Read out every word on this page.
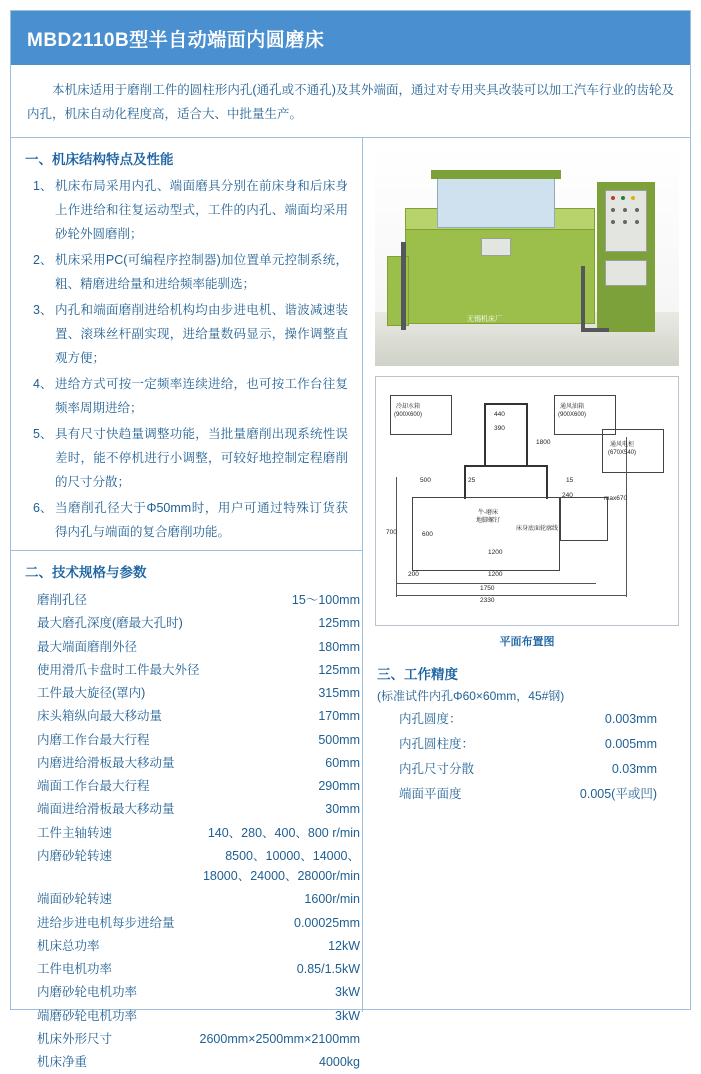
MBD2110B型半自动端面内圆磨床
本机床适用于磨削工件的圆柱形内孔(通孔或不通孔)及其外端面，通过对专用夹具改装可以加工汽车行业的齿轮及内孔，机床自动化程度高，适合大、中批量生产。
一、机床结构特点及性能
1、 机床布局采用内孔、端面磨具分别在前床身和后床身上作进给和往复运动型式，工件的内孔、端面均采用砂轮外圆磨削；
2、 机床采用PC(可编程序控制器)加位置单元控制系统，粗、精磨进给量和进给频率能驯选；
3、 内孔和端面磨削进给机构均由步进电机、谐波减速装置、滚珠丝杆副实现，进给量数码显示，操作调整直观方便；
4、 进给方式可按一定频率连续进给，也可按工作台往复频率周期进给；
5、 具有尺寸快趋量调整功能，当批量磨削出现系统性误差时，能不停机进行小调整，可较好地控制定程磨削的尺寸分散；
6、 当磨削孔径大于Φ50mm时，用户可通过特殊订货获得内孔与端面的复合磨削功能。
二、技术规格与参数
磨削孔径	15～100mm
最大磨孔深度(磨最大孔时)	125mm
最大端面磨削外径	180mm
使用滑爪卡盘时工件最大外径	125mm
工件最大旋径(罩内)	315mm
床头箱纵向最大移动量	170mm
内磨工作台最大行程	500mm
内磨进给滑板最大移动量	60mm
端面工作台最大行程	290mm
端面进给滑板最大移动量	30mm
工件主轴转速	140、280、400、800 r/min
内磨砂轮转速	8500、10000、14000、
18000、24000、28000r/min

端面砂轮转速	1600r/min
进给步进电机每步进给量	0.00025mm
机床总功率	12kW
工件电机功率	0.85/1.5kW
内磨砂轮电机功率	3kW
端磨砂轮电机功率	3kW
机床外形尺寸	2600mm×2500mm×2100mm
机床净重	4000kg
无锡机床厂
冷却水箱
(900X600)
通风油箱
(900X600)
通风电柜
(670X540)
440
390
1800
500	25	15
240	max670
牛-磨床
地脚螺钉
床身底面轮廓线
700	600
1200
200	1200
1750
2330
平面布置图
三、工作精度
(标准试件内孔Φ60×60mm，45#钢)
内孔圆度：	0.003mm
内孔圆柱度：	0.005mm
内孔尺寸分散	0.03mm
端面平面度	0.005(平或凹)
